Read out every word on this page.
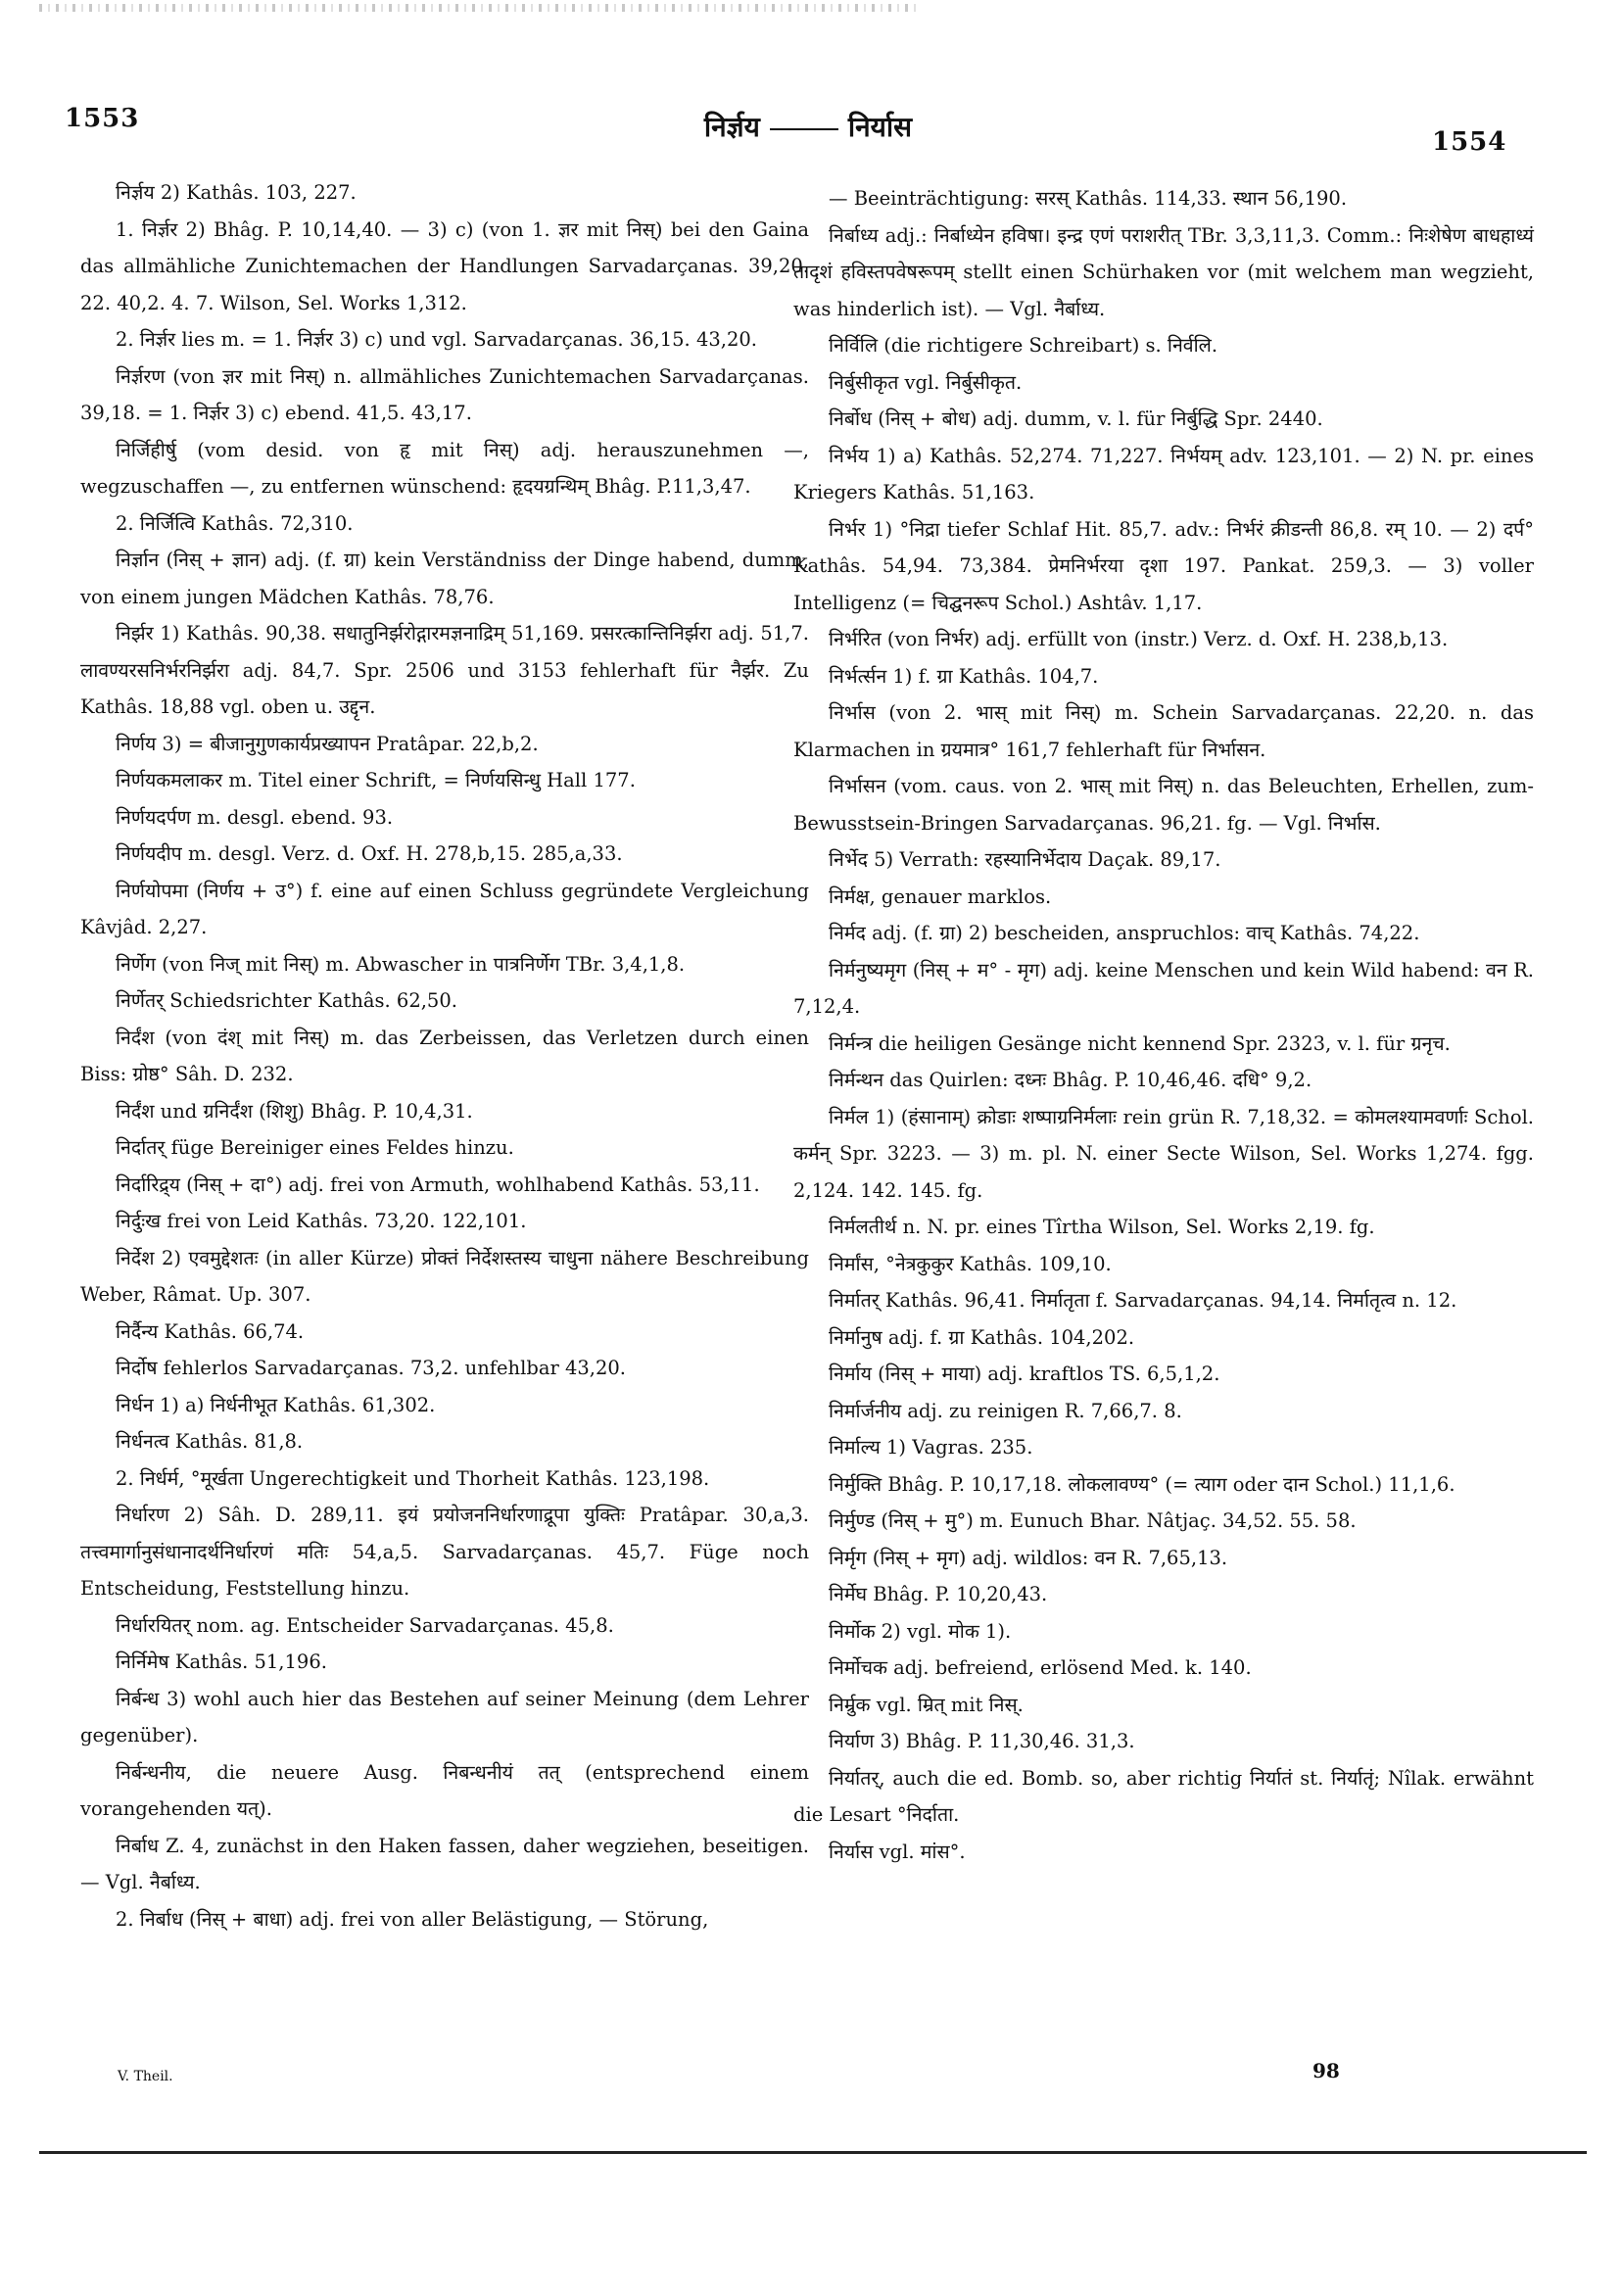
1553	निर्ज्ञय	निर्यास	1554

निर्ज्ञय 2) Kathâs. 103, 227.

1. निर्ज्ञर 2) Bhâg. P. 10,14,40. — 3) c) (von 1. ज्ञर mit निस्) bei den Gaina das allmähliche Zunichtemachen der Handlungen Sarvadarçanas. 39,20. 22. 40,2. 4. 7. Wilson, Sel. Works 1,312.

2. निर्ज्ञर lies m. = 1. निर्ज्ञर 3) c) und vgl. Sarvadarçanas. 36,15. 43,20.

निर्ज्ञरण (von ज्ञर mit निस्) n. allmähliches Zunichtemachen Sarvadarçanas. 39,18. = 1. निर्ज्ञर 3) c) ebend. 41,5. 43,17.

निर्जिहीर्षु (vom desid. von हृ mit निस्) adj. herauszunehmen —, wegzuschaffen —, zu entfernen wünschend: हृदयग्रन्थिम् Bhâg. P.11,3,47.

2. निर्जित्वि Kathâs. 72,310.

निर्ज्ञान (निस् + ज्ञान) adj. (f. ग्रा) kein Verständniss der Dinge habend, dumm, von einem jungen Mädchen Kathâs. 78,76.

निर्झर 1) Kathâs. 90,38. सधातुनिर्झरोद्गारमज्ञनाद्रिम् 51,169. प्रसरत्कान्तिनिर्झरा adj. 51,7. लावण्यरसनिर्भरनिर्झरा adj. 84,7. Spr. 2506 und 3153 fehlerhaft für नैर्झर. Zu Kathâs. 18,88 vgl. oben u. उद्दृन.

निर्णय 3) = बीजानुगुणकार्यप्रख्यापन Pratâpar. 22,b,2.

निर्णयकमलाकर m. Titel einer Schrift, = निर्णयसिन्धु Hall 177.

निर्णयदर्पण m. desgl. ebend. 93.

निर्णयदीप m. desgl. Verz. d. Oxf. H. 278,b,15. 285,a,33.

निर्णयोपमा (निर्णय + उ°) f. eine auf einen Schluss gegründete Vergleichung Kâvjâd. 2,27.

निर्णेग (von निज् mit निस्) m. Abwascher in पात्रनिर्णेग TBr. 3,4,1,8.

निर्णेतर् Schiedsrichter Kathâs. 62,50.

निर्दंश (von दंश् mit निस्) m. das Zerbeissen, das Verletzen durch einen Biss: ग्रोष्ठ° Sâh. D. 232.

निर्दंश und ग्रनिर्दंश (शिशु) Bhâg. P. 10,4,31.

निर्दातर् füge Bereiniger eines Feldes hinzu.

निर्दारिद्र्य (निस् + दा°) adj. frei von Armuth, wohlhabend Kathâs. 53,11.

निर्दुःख frei von Leid Kathâs. 73,20. 122,101.

निर्देश 2) एवमुद्देशतः (in aller Kürze) प्रोक्तं निर्देशस्तस्य चाधुना nähere Beschreibung Weber, Râmat. Up. 307.

निर्दैन्य Kathâs. 66,74.

निर्दोष fehlerlos Sarvadarçanas. 73,2. unfehlbar 43,20.

निर्धन 1) a) निर्धनीभूत Kathâs. 61,302.

निर्धनत्व Kathâs. 81,8.

2. निर्धर्म, °मूर्खता Ungerechtigkeit und Thorheit Kathâs. 123,198.

निर्धारण 2) Sâh. D. 289,11. इयं प्रयोजननिर्धारणाद्रूपा युक्तिः Pratâpar. 30,a,3. तत्त्वमार्गानुसंधानादर्थनिर्धारणं मतिः 54,a,5. Sarvadarçanas. 45,7. Füge noch Entscheidung, Feststellung hinzu.

निर्धारयितर् nom. ag. Entscheider Sarvadarçanas. 45,8.

निर्निमेष Kathâs. 51,196.

निर्बन्ध 3) wohl auch hier das Bestehen auf seiner Meinung (dem Lehrer gegenüber).

निर्बन्धनीय, die neuere Ausg. निबन्धनीयं तत् (entsprechend einem vorangehenden यत्).

निर्बाध Z. 4, zunächst in den Haken fassen, daher wegziehen, beseitigen. — Vgl. नैर्बाध्य.

2. निर्बाध (निस् + बाधा) adj. frei von aller Belästigung, — Störung,

— Beeinträchtigung: सरस् Kathâs. 114,33. स्थान 56,190.

निर्बाध्य adj.: निर्बाध्येन हविषा। इन्द्र एणं पराशरीत् TBr. 3,3,11,3. Comm.: निःशेषेण बाधहाध्यं तादृशं हविस्तपवेषरूपम् stellt einen Schürhaken vor (mit welchem man wegzieht, was hinderlich ist). — Vgl. नैर्बाध्य.

निर्विलि (die richtigere Schreibart) s. निर्वलि.

निर्बुसीकृत vgl. निर्बुसीकृत.

निर्बोध (निस् + बोध) adj. dumm, v. l. für निर्बुद्धि Spr. 2440.

निर्भय 1) a) Kathâs. 52,274. 71,227. निर्भयम् adv. 123,101. — 2) N. pr. eines Kriegers Kathâs. 51,163.

निर्भर 1) °निद्रा tiefer Schlaf Hit. 85,7. adv.: निर्भरं क्रीडन्ती 86,8. रम् 10. — 2) दर्प° Kathâs. 54,94. 73,384. प्रेमनिर्भरया दृशा 197. Pankat. 259,3. — 3) voller Intelligenz (= चिद्घनरूप Schol.) Ashtâv. 1,17.

निर्भरित (von निर्भर) adj. erfüllt von (instr.) Verz. d. Oxf. H. 238,b,13.

निर्भर्त्सन 1) f. ग्रा Kathâs. 104,7.

निर्भास (von 2. भास् mit निस्) m. Schein Sarvadarçanas. 22,20. n. das Klarmachen in ग्रयमात्र° 161,7 fehlerhaft für निर्भासन.

निर्भासन (vom. caus. von 2. भास् mit निस्) n. das Beleuchten, Erhellen, zum-Bewusstsein-Bringen Sarvadarçanas. 96,21. fg. — Vgl. निर्भास.

निर्भेद 5) Verrath: रहस्यानिर्भेदाय Daçak. 89,17.

निर्मक्ष, genauer marklos.

निर्मद adj. (f. ग्रा) 2) bescheiden, anspruchlos: वाच् Kathâs. 74,22.

निर्मनुष्यमृग (निस् + म° - मृग) adj. keine Menschen und kein Wild habend: वन R. 7,12,4.

निर्मन्त्र die heiligen Gesänge nicht kennend Spr. 2323, v. l. für ग्रनृच.

निर्मन्थन das Quirlen: दध्नः Bhâg. P. 10,46,46. दधि° 9,2.

निर्मल 1) (हंसानाम्) क्रोडाः शष्पाग्रनिर्मलाः rein grün R. 7,18,32. = कोमलश्यामवर्णाः Schol. कर्मन् Spr. 3223. — 3) m. pl. N. einer Secte Wilson, Sel. Works 1,274. fgg. 2,124. 142. 145. fg.

निर्मलतीर्थ n. N. pr. eines Tîrtha Wilson, Sel. Works 2,19. fg.

निर्मांस, °नेत्रकुकुर Kathâs. 109,10.

निर्मातर् Kathâs. 96,41. निर्मातृता f. Sarvadarçanas. 94,14. निर्मातृत्व n. 12.

निर्मानुष adj. f. ग्रा Kathâs. 104,202.

निर्माय (निस् + माया) adj. kraftlos TS. 6,5,1,2.

निर्मार्जनीय adj. zu reinigen R. 7,66,7. 8.

निर्माल्य 1) Vagras. 235.

निर्मुक्ति Bhâg. P. 10,17,18. लोकलावण्य° (= त्याग oder दान Schol.) 11,1,6.

निर्मुण्ड (निस् + मु°) m. Eunuch Bhar. Nâtjaç. 34,52. 55. 58.

निर्मृग (निस् + मृग) adj. wildlos: वन R. 7,65,13.

निर्मेघ Bhâg. P. 10,20,43.

निर्मोक 2) vgl. मोक 1).

निर्मोचक adj. befreiend, erlösend Med. k. 140.

निर्म्रुक vgl. म्रित् mit निस्.

निर्याण 3) Bhâg. P. 11,30,46. 31,3.

निर्यातर्, auch die ed. Bomb. so, aber richtig निर्यातं st. निर्यातृं; Nîlak. erwähnt die Lesart °निर्दाता.

निर्यास vgl. मांस°.

V. Theil.	98
